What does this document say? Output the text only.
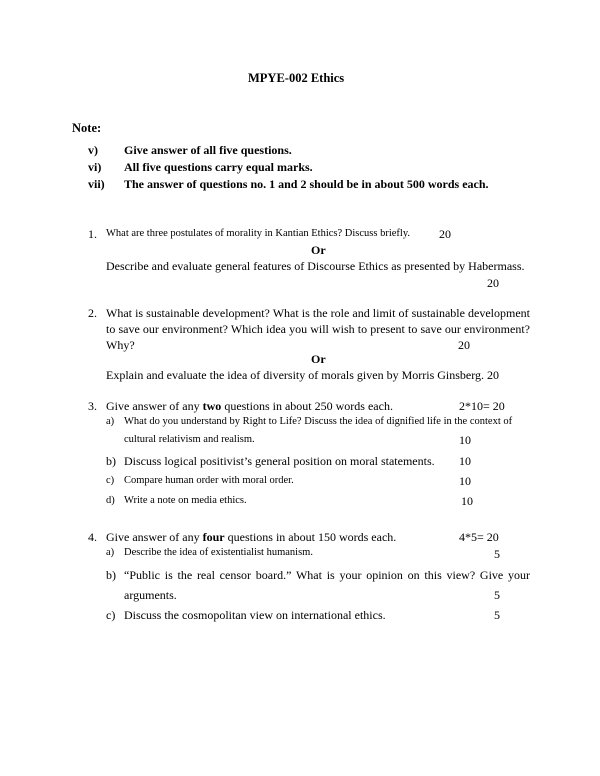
MPYE-002 Ethics
Note:
v) Give answer of all five questions.
vi) All five questions carry equal marks.
vii) The answer of questions no. 1 and 2 should be in about 500 words each.
1. What are three postulates of morality in Kantian Ethics? Discuss briefly. 20
Or
Describe and evaluate general features of Discourse Ethics as presented by Habermass.
20
2. What is sustainable development? What is the role and limit of sustainable development
to save our environment? Which idea you will wish to present to save our environment?
Why?	20
Or
Explain and evaluate the idea of diversity of morals given by Morris Ginsberg. 20
3. Give answer of any two questions in about 250 words each.	2*10= 20
a) What do you understand by Right to Life? Discuss the idea of dignified life in the context of
cultural relativism and realism.	10
b) Discuss logical positivist’s general position on moral statements. 10
c) Compare human order with moral order.	10
d) Write a note on media ethics.	10
4. Give answer of any four questions in about 150 words each.	4*5= 20
a) Describe the idea of existentialist humanism.	5
b) “Public is the real censor board.” What is your opinion on this view? Give your
arguments.	5
c) Discuss the cosmopolitan view on international ethics.	5
